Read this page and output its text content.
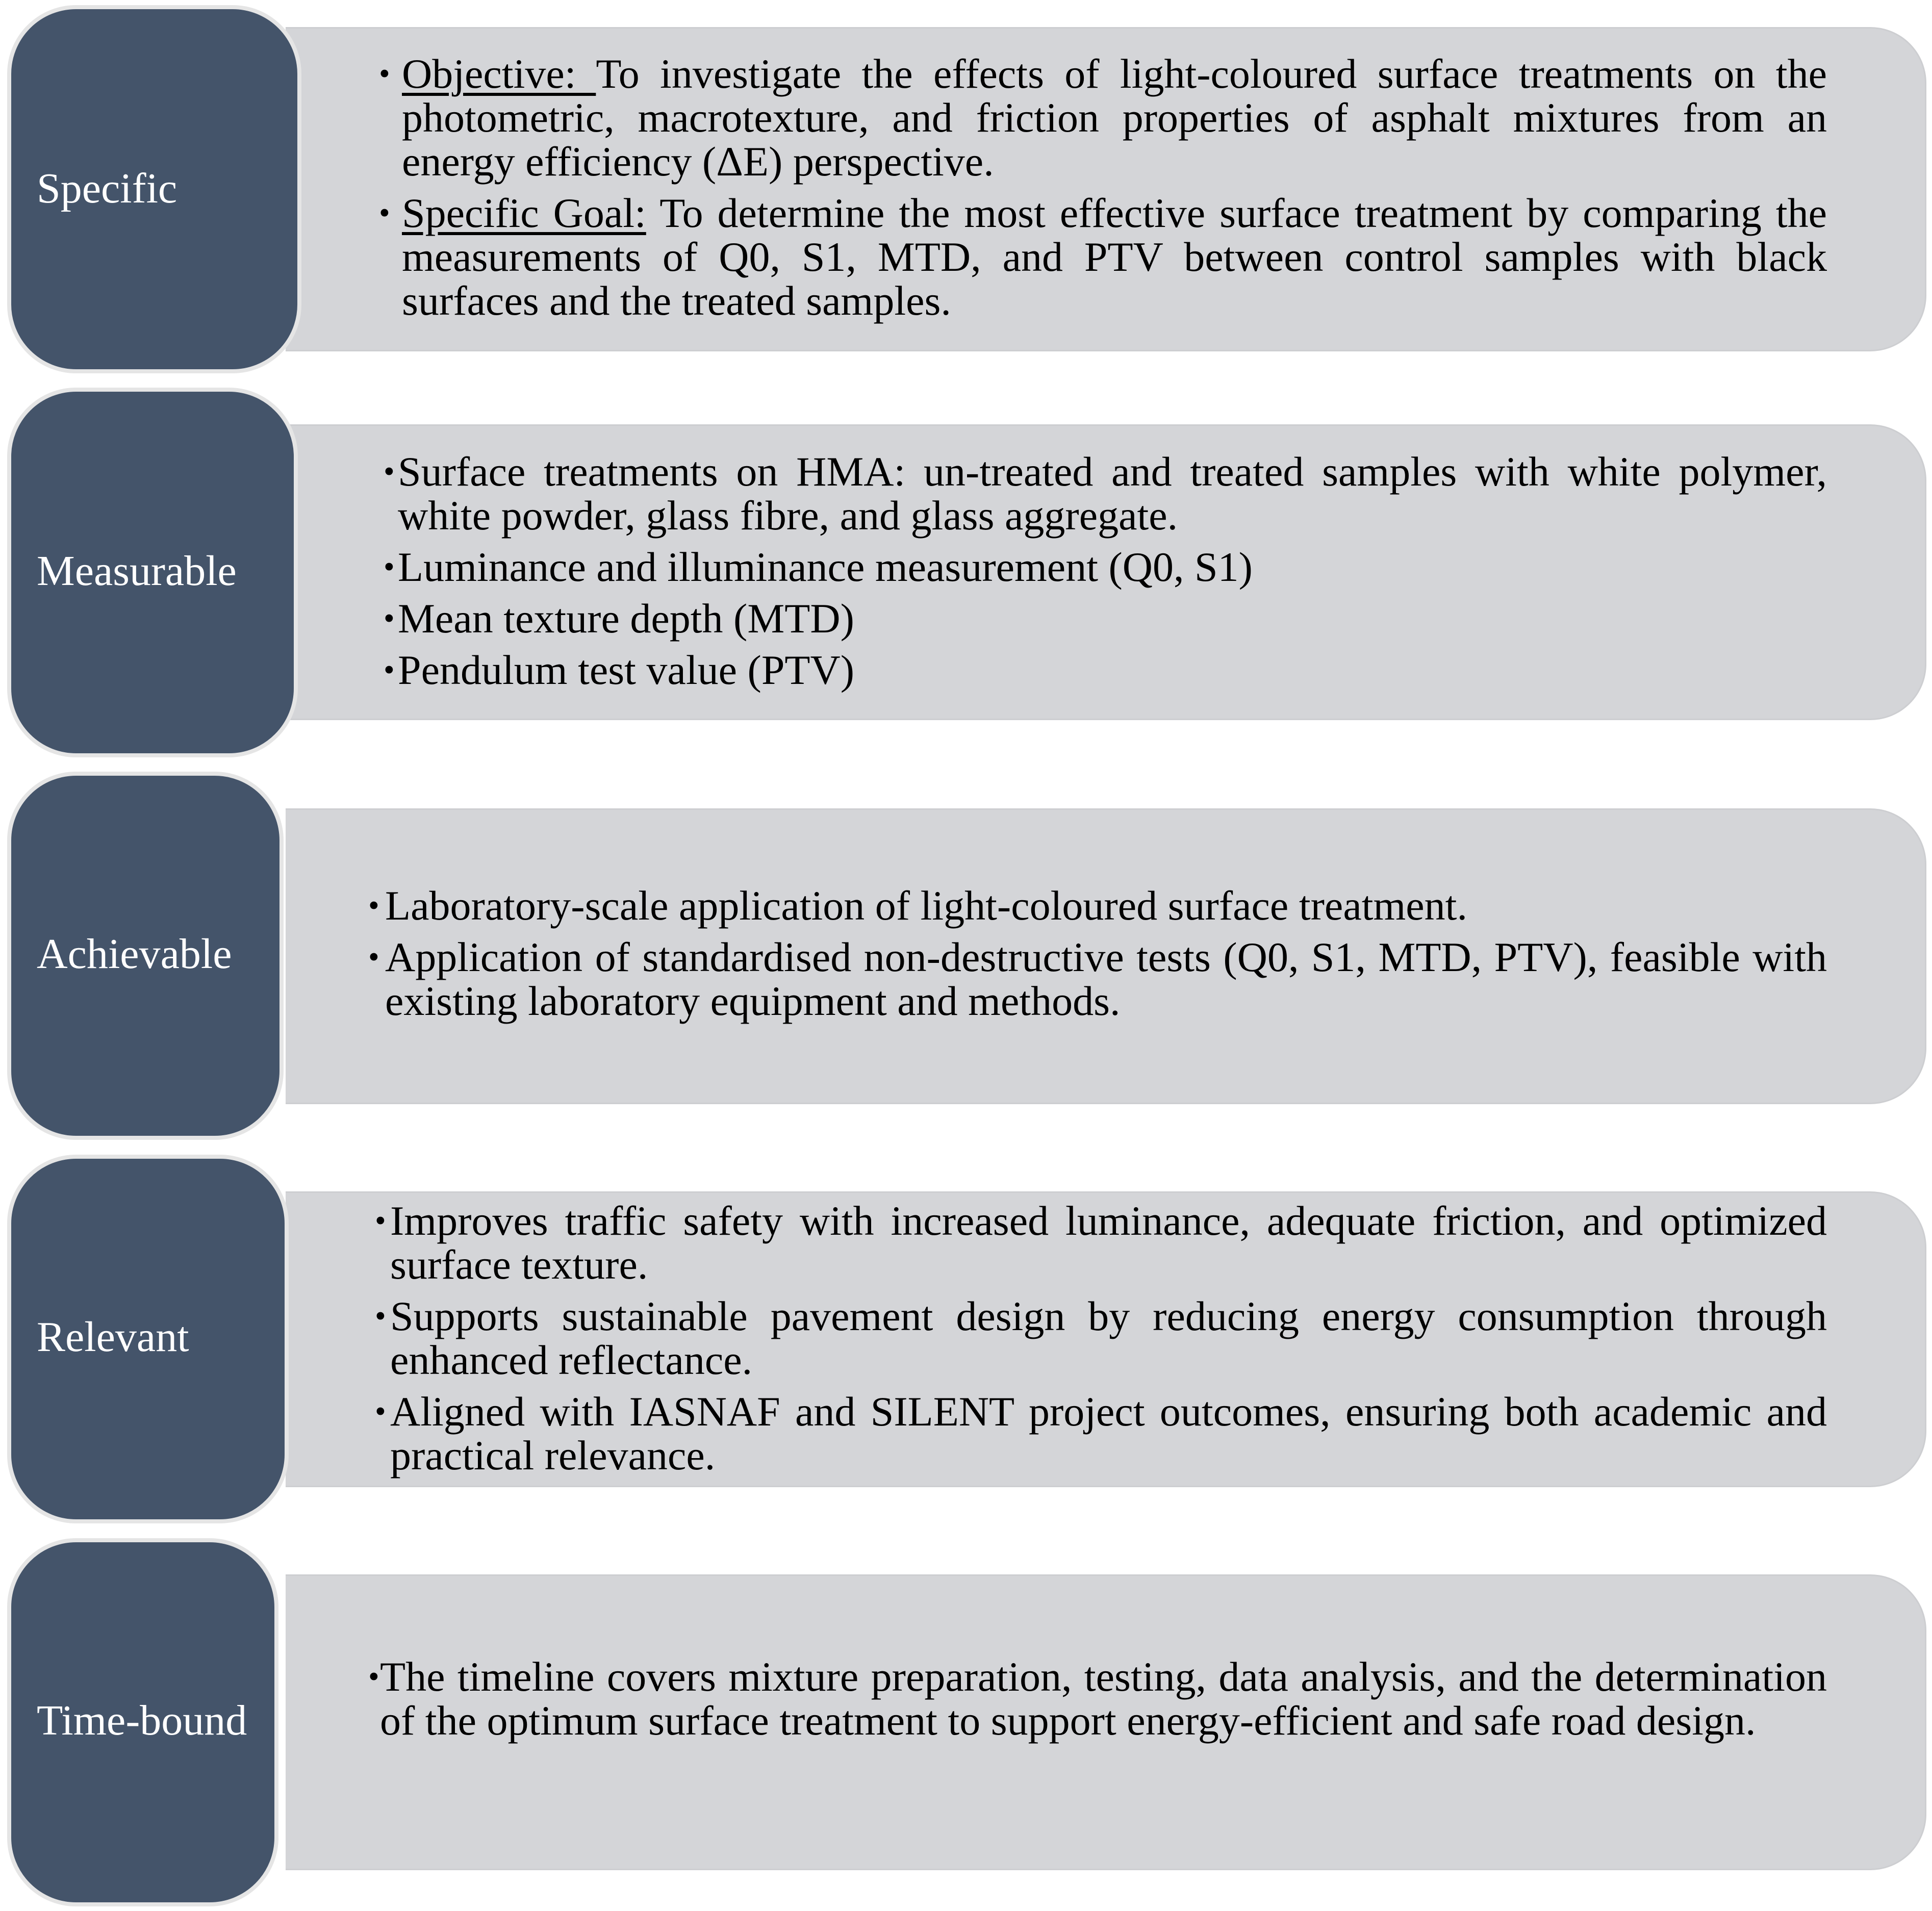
Specific
• Objective: To investigate the effects of light-coloured surface treatments on the photometric, macrotexture, and friction properties of asphalt mixtures from an energy efficiency (ΔE) perspective.
• Specific Goal: To determine the most effective surface treatment by comparing the measurements of Q0, S1, MTD, and PTV between control samples with black surfaces and the treated samples.
Measurable
• Surface treatments on HMA: un-treated and treated samples with white polymer, white powder, glass fibre, and glass aggregate.
• Luminance and illuminance measurement (Q0, S1)
• Mean texture depth (MTD)
• Pendulum test value (PTV)
Achievable
• Laboratory-scale application of light-coloured surface treatment.
• Application of standardised non-destructive tests (Q0, S1, MTD, PTV), feasible with existing laboratory equipment and methods.
Relevant
• Improves traffic safety with increased luminance, adequate friction, and optimized surface texture.
• Supports sustainable pavement design by reducing energy consumption through enhanced reflectance.
• Aligned with IASNAF and SILENT project outcomes, ensuring both academic and practical relevance.
Time-bound
• The timeline covers mixture preparation, testing, data analysis, and the determination of the optimum surface treatment to support energy-efficient and safe road design.
